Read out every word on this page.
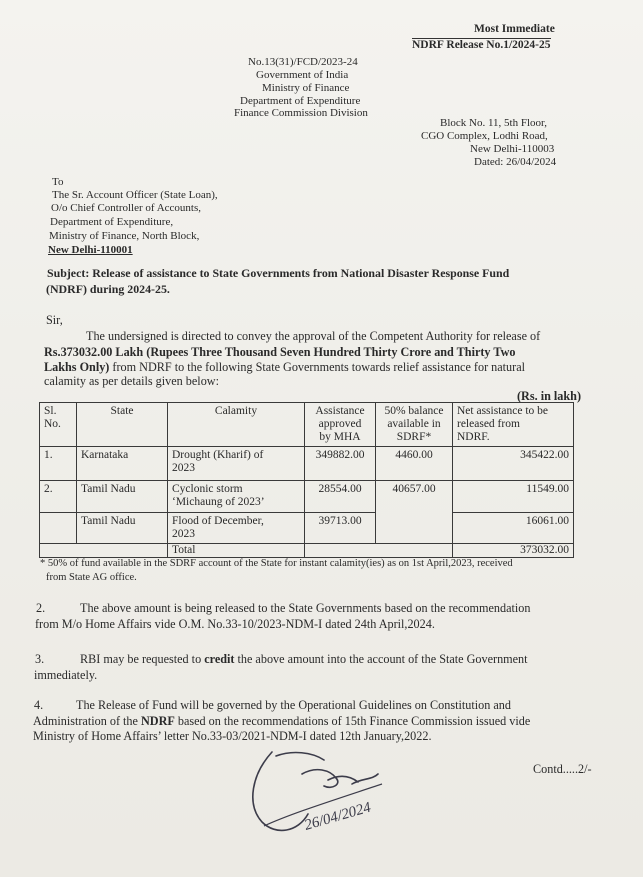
Most Immediate
NDRF Release No.1/2024-25
No.13(31)/FCD/2023-24
Government of India
Ministry of Finance
Department of Expenditure
Finance Commission Division
Block No. 11, 5th Floor,
CGO Complex, Lodhi Road,
New Delhi-110003
Dated: 26/04/2024
To
The Sr. Account Officer (State Loan),
O/o Chief Controller of Accounts,
Department of Expenditure,
Ministry of Finance, North Block,
New Delhi-110001
Subject: Release of assistance to State Governments from National Disaster Response Fund
(NDRF) during 2024-25.
Sir,
The undersigned is directed to convey the approval of the Competent Authority for release of
Rs.373032.00 Lakh (Rupees Three Thousand Seven Hundred Thirty Crore and Thirty Two
Lakhs Only) from NDRF to the following State Governments towards relief assistance for natural
calamity as per details given below:
(Rs. in lakh)
Sl.
No.	State	Calamity	Assistance
approved
by MHA	50% balance
available in
SDRF*	Net assistance to be
released from
NDRF.
1.	Karnataka	Drought (Kharif) of
2023	349882.00	4460.00	345422.00
2.	Tamil Nadu	Cyclonic storm
‘Michaung of 2023’	28554.00	40657.00	11549.00
	Tamil Nadu	Flood of December,
2023	39713.00		16061.00
		Total			373032.00
* 50% of fund available in the SDRF account of the State for instant calamity(ies) as on 1st April,2023, received
from State AG office.
2.	The above amount is being released to the State Governments based on the recommendation
from M/o Home Affairs vide O.M. No.33-10/2023-NDM-I dated 24th April,2024.
3.	RBI may be requested to credit the above amount into the account of the State Government
immediately.
4.	The Release of Fund will be governed by the Operational Guidelines on Constitution and
Administration of the NDRF based on the recommendations of 15th Finance Commission issued vide
Ministry of Home Affairs’ letter No.33-03/2021-NDM-I dated 12th January,2022.
26/04/2024
Contd.....2/-
